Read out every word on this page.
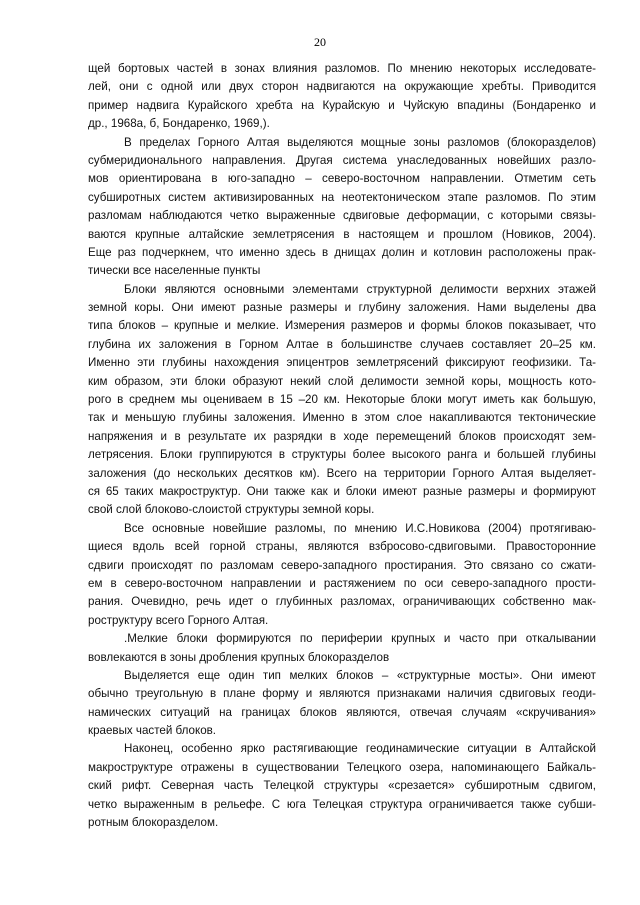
20
щей бортовых частей в зонах влияния разломов. По мнению некоторых исследовате-
лей, они с одной или двух сторон надвигаются на окружающие хребты. Приводится
пример надвига Курайского хребта на Курайскую и Чуйскую впадины (Бондаренко и
др., 1968а, б, Бондаренко, 1969,).
В пределах Горного Алтая выделяются мощные зоны разломов (блокоразделов)
субмеридионального направления. Другая система унаследованных новейших разло-
мов ориентирована в юго-западно – северо-восточном направлении. Отметим сеть
субширотных систем активизированных на неотектоническом этапе разломов. По этим
разломам наблюдаются четко выраженные сдвиговые деформации, с которыми связы-
ваются крупные алтайские землетрясения в настоящем и прошлом (Новиков, 2004).
Еще раз подчеркнем, что именно здесь в днищах долин и котловин расположены прак-
тически все населенные пункты
Блоки являются основными элементами структурной делимости верхних этажей
земной коры. Они имеют разные размеры и глубину заложения. Нами выделены два
типа блоков – крупные и мелкие. Измерения размеров и формы блоков показывает, что
глубина их заложения в Горном Алтае в большинстве случаев составляет 20–25 км.
Именно эти глубины нахождения эпицентров землетрясений фиксируют геофизики. Та-
ким образом, эти блоки образуют некий слой делимости земной коры, мощность кото-
рого в среднем мы оцениваем в 15 –20 км. Некоторые блоки могут иметь как большую,
так и меньшую глубины заложения. Именно в этом слое накапливаются тектонические
напряжения и в результате их разрядки в ходе перемещений блоков происходят зем-
летрясения. Блоки группируются в структуры более высокого ранга и большей глубины
заложения (до нескольких десятков км). Всего на территории Горного Алтая выделяет-
ся 65 таких макроструктур. Они также как и блоки имеют разные размеры и формируют
свой слой блоково-слоистой структуры земной коры.
Все основные новейшие разломы, по мнению И.С.Новикова (2004) протягиваю-
щиеся вдоль всей горной страны, являются взбросово-сдвиговыми. Правосторонние
сдвиги происходят по разломам северо-западного простирания. Это связано со сжати-
ем в северо-восточном направлении и растяжением по оси северо-западного прости-
рания. Очевидно, речь идет о глубинных разломах, ограничивающих собственно мак-
роструктуру всего Горного Алтая.
.Мелкие блоки формируются по периферии крупных и часто при откалывании
вовлекаются в зоны дробления крупных блокоразделов
Выделяется еще один тип мелких блоков – «структурные мосты». Они имеют
обычно треугольную в плане форму и являются признаками наличия сдвиговых геоди-
намических ситуаций на границах блоков являются, отвечая случаям «скручивания»
краевых частей блоков.
Наконец, особенно ярко растягивающие геодинамические ситуации в Алтайской
макроструктуре отражены в существовании Телецкого озера, напоминающего Байкаль-
ский рифт. Северная часть Телецкой структуры «срезается» субширотным сдвигом,
четко выраженным в рельефе. С юга Телецкая структура ограничивается также субши-
ротным блокоразделом.
